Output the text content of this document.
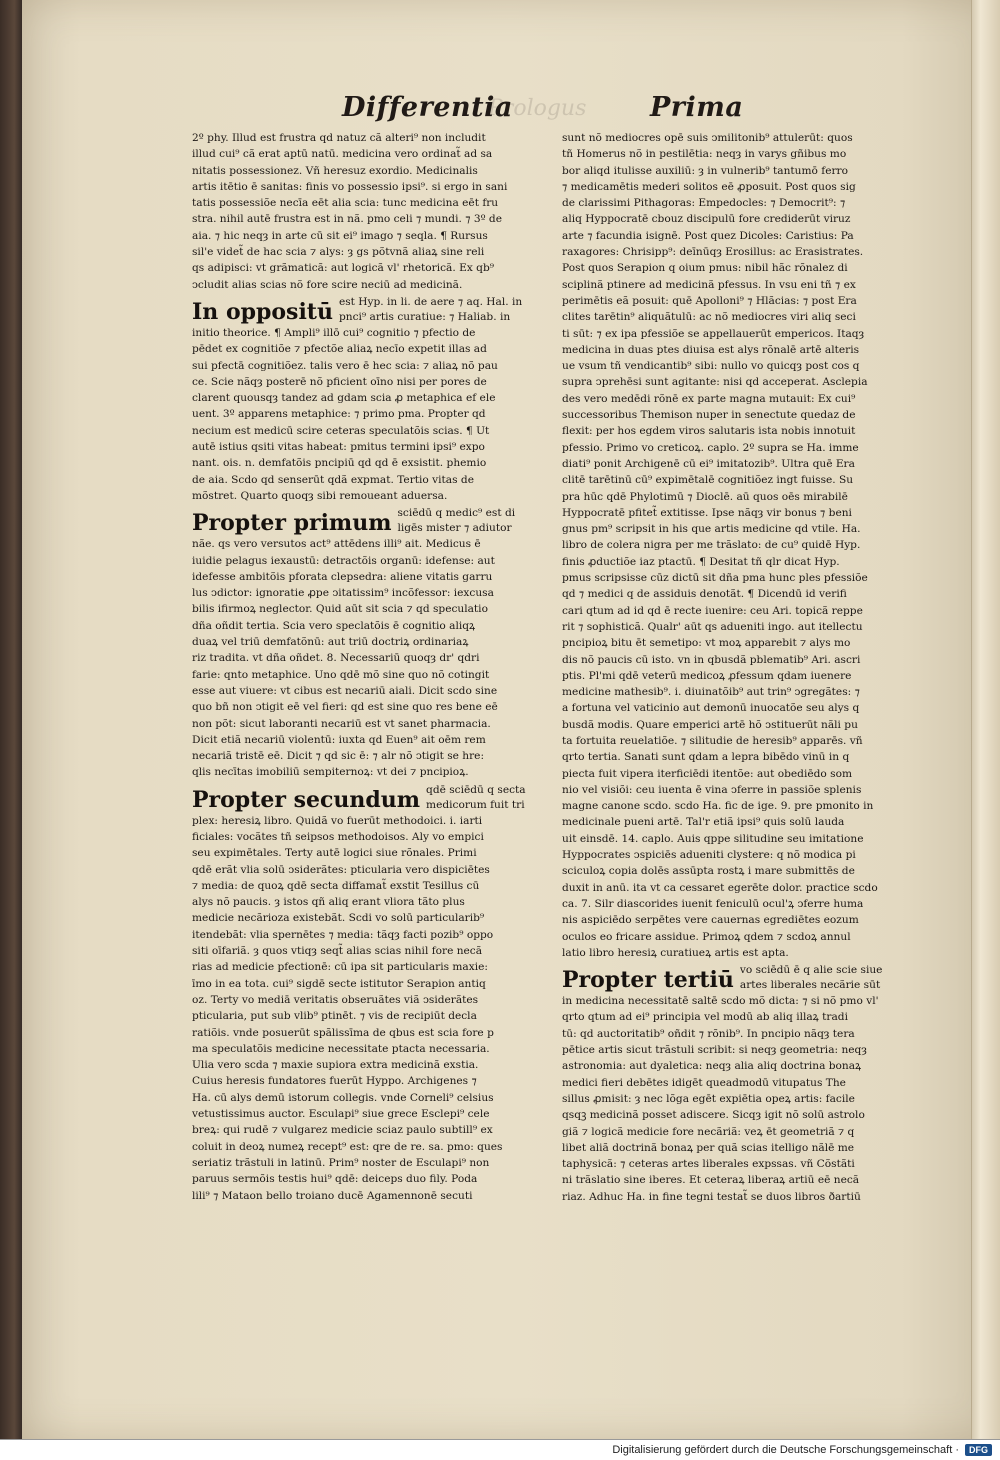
Prologus

Differentia	Prima
2º phy. Illud est frustra qd natuz cã alteri⁹ non includit
illud cui⁹ cã erat aptū natū. medicina vero ordinat̃ ad sa
nitatis possessionez. Vñ heresuz exordio. Medicinalis
artis itētio ē sanitas: finis vo possessio ipsi⁹. si ergo in sani
tatis possessiõe necīa eēt alia scia: tunc medicina eēt fru
stra. nihil autē frustra est in nã. pmo celi ⁊ mundi. ⁊ 3º de
aia. ⁊ hic neqȝ in arte cū sit ei⁹ imago ⁊ seqla. ¶ Rursus
sil'e videt̃ de hac scia ⁊ alys: ȝ gs põtvnã aliaꝝ sine reli
qs adipisci: vt grãmaticã: aut logicã vl' rhetoricã. Ex qb⁹
ↄcludit alias scias nõ fore scire neciū ad medicinã.
In oppositū est Hyp. in li. de aere ⁊ aq. Hal. in
pnci⁹ artis curatiue: ⁊ Haliab. in
initio theorice. ¶ Ampli⁹ illō cui⁹ cognitio ⁊ pfectio de
pēdet ex cognitiõe ⁊ pfectõe aliaꝝ necīo expetit illas ad
sui pfectā cognitiõez. talis vero ē hec scia: ⁊ aliaꝝ nõ pau
ce. Scie nãqȝ posterē nõ pficient oīno nisi per pores de
clarent quousqȝ tandez ad gdam scia ꝓ metaphica ef ele
uent. 3º apparens metaphice: ⁊ primo pma. Propter qd
necium est medicū scire ceteras speculatõis scias. ¶ Ut
autē istius qsiti vitas habeat: pmitus termini ipsi⁹ expo
nant. ois. n. demfatõis pncipiū qd qd ē exsistit. phemio
de aia. Scdo qd senserūt qdã expmat. Tertio vitas de
mõstret. Quarto quoqȝ sibi remoueant aduersa.
Propter primum sciēdū q medic⁹ est di
ligēs mister ⁊ adiutor
nãe. qs vero versutos act⁹ attēdens illi⁹ ait. Medicus ē
iuidie pelagus iexaustū: detractõis organū: idefense: aut
idefesse ambitõis pforata clepsedra: aliene vitatis garru
lus ↄdictor: ignoratie ꝓpe ↄitatissim⁹ incõfessor: iexcusa
bilis ifirmoꝝ neglector. Quid aūt sit scia ⁊ qd speculatio
dña oñdit tertia. Scia vero speclatõis ē cognitio aliqꝝ
duaꝝ vel triū demfatõnū: aut triū doctriꝝ ordinariaꝝ
riz tradita. vt dña oñdet. 8. Necessariū quoqȝ dr' qdri
farie: qnto metaphice. Uno qdē mõ sine quo nõ cotingit
esse aut viuere: vt cibus est necariū aiali. Dicit scdo sine
quo bñ non ↄtigit eē vel fieri: qd est sine quo res bene eē
non põt: sicut laboranti necariū est vt sanet pharmacia.
Dicit etiã necariū violentū: iuxta qd Euen⁹ ait oēm rem
necariã tristē eē. Dicit ⁊ qd sic ē: ⁊ alr nõ ↄtigit se hre:
qlis necītas imobiliū sempiternoꝝ: vt dei ⁊ pncipioꝝ.
Propter secundum qdē sciēdū q secta
medicorum fuit tri
plex: heresiꝝ libro. Quidã vo fuerūt methodoici. i. iarti
ficiales: vocãtes tñ seipsos methodoisos. Aly vo empici
seu expimētales. Terty autē logici siue rõnales. Primi
qdē erãt vlia solū ↄsiderãtes: pticularia vero dispiciētes
⁊ media: de quoꝝ qdē secta diffamat̃ exstit Tesillus cū
alys nõ paucis. ȝ istos qñ aliq erant vliora tãto plus
medicie necãrioza existebãt. Scdi vo solū particularib⁹
itendebãt: vlia spernētes ⁊ media: tãqȝ facti pozib⁹ oppo
siti oīfariã. ȝ quos vtiqȝ seqt̃ alias scias nihil fore necã
rias ad medicie pfectionē: cū ipa sit particularis maxie:
īmo in ea tota. cui⁹ sigdē secte istitutor Serapion antiq
oz. Terty vo mediā veritatis obseruãtes viã ↄsiderãtes
pticularia, put sub vlib⁹ ptinēt. ⁊ vis de recipiūt decla
ratiõis. vnde posuerūt spãlissīma de qbus est scia fore p
ma speculatõis medicine necessitate ptacta necessaria.
Ulia vero scda ⁊ maxie supiora extra medicinã exstia.
Cuius heresis fundatores fuerūt Hyppo. Archigenes ⁊
Ha. cū alys demū istorum collegis. vnde Corneli⁹ celsius
vetustissimus auctor. Esculapi⁹ siue grece Esclepi⁹ cele
breꝝ: qui rudē ⁊ vulgarez medicie sciaz paulo subtill⁹ ex
coluit in deoꝝ numeꝝ recept⁹ est: qre de re. sa. pmo: ques
seriatiz trãstuli in latinū. Prim⁹ noster de Esculapi⁹ non
paruus sermõis testis hui⁹ qdē: deiceps duo fily. Poda
lili⁹ ⁊ Mataon bello troiano ducē Agamennonē secuti
sunt nõ mediocres opē suis ↄmilitonib⁹ attulerūt: quos
tñ Homerus nõ in pestilētia: neqȝ in varys gñibus mo
bor aliqd itulisse auxiliū: ȝ in vulnerib⁹ tantumō ferro
⁊ medicamētis mederi solitos eē ꝓposuit. Post quos sig
de clarissimi Pithagoras: Empedocles: ⁊ Democrit⁹: ⁊
aliq Hyppocratē cbouz discipulū fore crediderūt viruz
arte ⁊ facundia isignē. Post quez Dicoles: Caristius: Pa
raxagores: Chrisipp⁹: deīnūqȝ Erosillus: ac Erasistrates.
Post quos Serapion q oium pmus: nibil hãc rõnalez di
sciplinã ptinere ad medicinã pfessus. In vsu eni tñ ⁊ ex
perimētis eã posuit: quē Apolloni⁹ ⁊ Hlãcias: ⁊ post Era
clites tarētin⁹ aliquãtulū: ac nõ mediocres viri aliq seci
ti sūt: ⁊ ex ipa pfessiõe se appellauerūt empericos. Itaqȝ
medicina in duas ptes diuisa est alys rõnalē artē alteris
ue vsum tñ vendicantib⁹ sibi: nullo vo quicqȝ post cos q
supra ↄprehēsi sunt agitante: nisi qd acceperat. Asclepia
des vero medēdi rõnē ex parte magna mutauit: Ex cui⁹
successoribus Themison nuper in senectute quedaz de
flexit: per hos egdem viros salutaris ista nobis innotuit
pfessio. Primo vo creticoꝝ. caplo. 2º supra se Ha. imme
diati⁹ ponit Archigenē cū ei⁹ imitatozib⁹. Ultra quē Era
clitē tarētinū cū⁹ expimētalē cognitiõez ingt fuisse. Su
pra hūc qdē Phylotimū ⁊ Dioclē. aū quos oēs mirabilē
Hyppocratē pfitet̃ extitisse. Ipse nãqȝ vir bonus ⁊ beni
gnus pm⁹ scripsit in his que artis medicine qd vtile. Ha.
libro de colera nigra per me trãslato: de cu⁹ quidē Hyp.
finis ꝓductiõe iaz ptactū. ¶ Desitat tñ qlr dicat Hyp.
pmus scripsisse cūz dictū sit dña pma hunc ples pfessiõe
qd ⁊ medici q de assiduis denotãt. ¶ Dicendū id verifi
cari qtum ad id qd ē recte iuenire: ceu Ari. topicã reppe
rit ⁊ sophisticã. Qualr' aūt qs adueniti ingo. aut itellectu
pncipioꝝ bitu ēt semetipo: vt moꝝ apparebit ⁊ alys mo
dis nõ paucis cū isto. vn in qbusdã pblematib⁹ Ari. ascri
ptis. Pl'mi qdē veterū medicoꝝ ꝓfessum qdam iuenere
medicine mathesib⁹. i. diuinatõib⁹ aut trin⁹ ↄgregãtes: ⁊
a fortuna vel vaticinio aut demonū inuocatõe seu alys q
busdã modis. Quare emperici artē hõ ↄstituerūt nãli pu
ta fortuita reuelatiõe. ⁊ silitudie de heresib⁹ apparēs. vñ
qrto tertia. Sanati sunt qdam a lepra bibēdo vinū in q
piecta fuit vipera iterficiēdi itentõe: aut obediēdo som
nio vel visiõi: ceu iuenta ē vina ↄferre in passiõe splenis
magne canone scdo. scdo Ha. fic de ige. 9. pre pmonito in
medicinale pueni artē. Tal'r etiã ipsi⁹ quis solū lauda
uit einsdē. 14. caplo. Auis qppe silitudine seu imitatione
Hyppocrates ↄspiciēs adueniti clystere: q nõ modica pi
sciculoꝝ copia dolēs assūpta rostꝝ i mare submittēs de
duxit in anū. ita vt ca cessaret egerēte dolor. practice scdo
ca. 7. Silr diascorides iuenit feniculū ocul'ꝝ ↄferre huma
nis aspiciēdo serpētes vere cauernas egrediētes eozum
oculos eo fricare assidue. Primoꝝ qdem ⁊ scdoꝝ annul
latio libro heresiꝝ curatiueꝝ artis est apta.
Propter tertiū vo sciēdū ē q alie scie siue
artes liberales necãrie sūt
in medicina necessitatē saltē scdo mõ dicta: ⁊ si nõ pmo vl'
qrto qtum ad ei⁹ principia vel modū ab aliq illaꝝ tradi
tū: qd auctoritatib⁹ oñdit ⁊ rõnib⁹. In pncipio nãqȝ tera
pētice artis sicut trãstuli scribit: si neqȝ geometria: neqȝ
astronomia: aut dyaletica: neqȝ alia aliq doctrina bonaꝝ
medici fieri debētes idigēt queadmodū vitupatus The
sillus ꝓmisit: ȝ nec lõga egēt expiētia opeꝝ artis: facile
qsqꝫ medicinã posset adiscere. Sicqȝ igit nõ solū astrolo
giã ⁊ logicã medicie fore necãriã: veꝝ ēt geometriã ⁊ q
libet aliã doctrinã bonaꝝ per quã scias itelligo nãlē me
taphysicã: ⁊ ceteras artes liberales expssas. vñ Cõstãti
ni trãslatio sine iberes. Et ceteraꝝ liberaꝝ artiū eē necã
riaz. Adhuc Ha. in fine tegni testat̃ se duos libros ðartiū
Digitalisierung gefördert durch die Deutsche Forschungsgemeinschaft ·	DFG
